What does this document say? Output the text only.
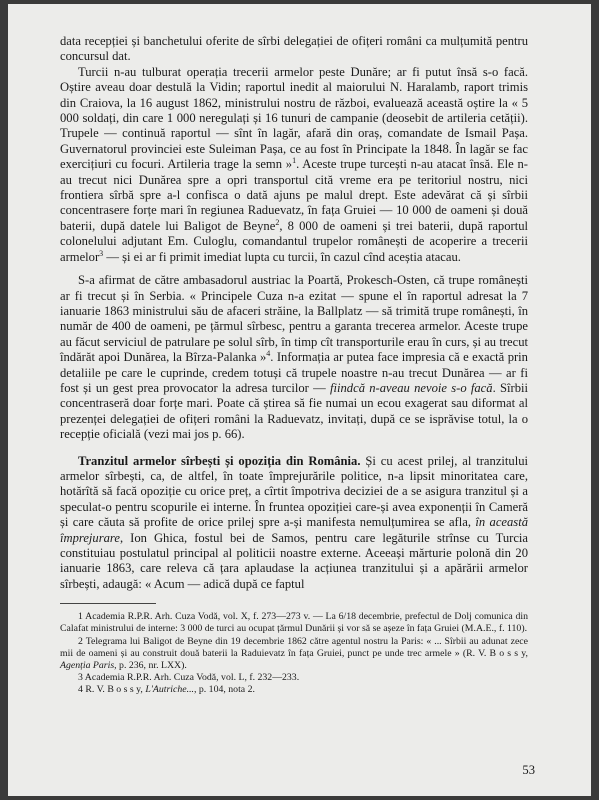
data recepției și banchetului oferite de sîrbi delegației de ofițeri români ca mulțumită pentru concursul dat.

Turcii n-au tulburat operația trecerii armelor peste Dunăre; ar fi putut însă s-o facă. Oștire aveau doar destulă la Vidin; raportul inedit al maiorului N. Haralamb, raport trimis din Craiova, la 16 august 1862, ministrului nostru de război, evaluează această oștire la « 5 000 soldați, din care 1 000 neregulați și 16 tunuri de campanie (deosebit de artileria cetății). Trupele — continuă raportul — sînt în lagăr, afară din oraș, comandate de Ismail Pașa. Guvernatorul provinciei este Suleiman Pașa, ce au fost în Principate la 1848. În lagăr se fac exercițiuri cu focuri. Artileria trage la semn »$^1$. Aceste trupe turcești n-au atacat însă. Ele n-au trecut nici Dunărea spre a opri transportul cită vreme era pe teritoriul nostru, nici frontiera sîrbă spre a-l confisca o dată ajuns pe malul drept. Este adevărat că și sîrbii concentrasere forțe mari în regiunea Raduevatz, în fața Gruiei — 10 000 de oameni și două baterii, după datele lui Baligot de Beyne$^2$, 8 000 de oameni și trei baterii, după raportul colonelului adjutant Em. Culoglu, comandantul trupelor românești de acoperire a trecerii armelor$^3$ — și ei ar fi primit imediat lupta cu turcii, în cazul cînd aceștia atacau.

S-a afirmat de către ambasadorul austriac la Poartă, Prokesch-Osten, că trupe românești ar fi trecut și în Serbia. « Principele Cuza n-a ezitat — spune el în raportul adresat la 7 ianuarie 1863 ministrului său de afaceri străine, la Ballplatz — să trimită trupe românești, în număr de 400 de oameni, pe țărmul sîrbesc, pentru a garanta trecerea armelor. Aceste trupe au făcut serviciul de patrulare pe solul sîrb, în timp cît transporturile erau în curs, și au trecut îndărăt apoi Dunărea, la Bîrza-Palanka »$^4$. Informația ar putea face impresia că e exactă prin detaliile pe care le cuprinde, credem totuși că trupele noastre n-au trecut Dunărea — ar fi fost și un gest prea provocator la adresa turcilor — fiindcă n-aveau nevoie s-o facă. Sîrbii concentraseră doar forțe mari. Poate că știrea să fie numai un ecou exagerat sau diformat al prezenței delegației de ofițeri români la Raduevatz, invitați, după ce se isprăvise totul, la o recepție oficială (vezi mai jos p. 66).

Tranzitul armelor sîrbești și opoziția din România. Și cu acest prilej, al tranzitului armelor sîrbești, ca, de altfel, în toate împrejurările politice, n-a lipsit minoritatea care, hotărîtă să facă opoziție cu orice preț, a cîrtit împotriva deciziei de a se asigura tranzitul și a speculat-o pentru scopurile ei interne. În fruntea opoziției care-și avea exponenții în Cameră și care căuta să profite de orice prilej spre a-și manifesta nemulțumirea se afla, în această împrejurare, Ion Ghica, fostul bei de Samos, pentru care legăturile strînse cu Turcia constituiau postulatul principal al politicii noastre externe. Aceeași mărturie polonă din 20 ianuarie 1863, care releva că țara aplaudase la acțiunea tranzitului și a apărării armelor sîrbești, adaugă: « Acum — adică după ce faptul

1 Academia R.P.R. Arh. Cuza Vodă, vol. X, f. 273—273 v. — La 6/18 decembrie, prefectul de Dolj comunica din Calafat ministrului de interne: 3 000 de turci au ocupat țărmul Dunării și vor să se așeze în fața Gruiei (M.A.E., f. 110).

2 Telegrama lui Baligot de Beyne din 19 decembrie 1862 către agentul nostru la Paris: « ... Sîrbii au adunat zece mii de oameni și au construit două baterii la Raduievatz în fața Gruiei, punct pe unde trec armele » (R. V. B o s s y, Agenția Paris, p. 236, nr. LXX).

3 Academia R.P.R. Arh. Cuza Vodă, vol. L, f. 232—233.

4 R. V. B o s s y, L'Autriche..., p. 104, nota 2.

53
